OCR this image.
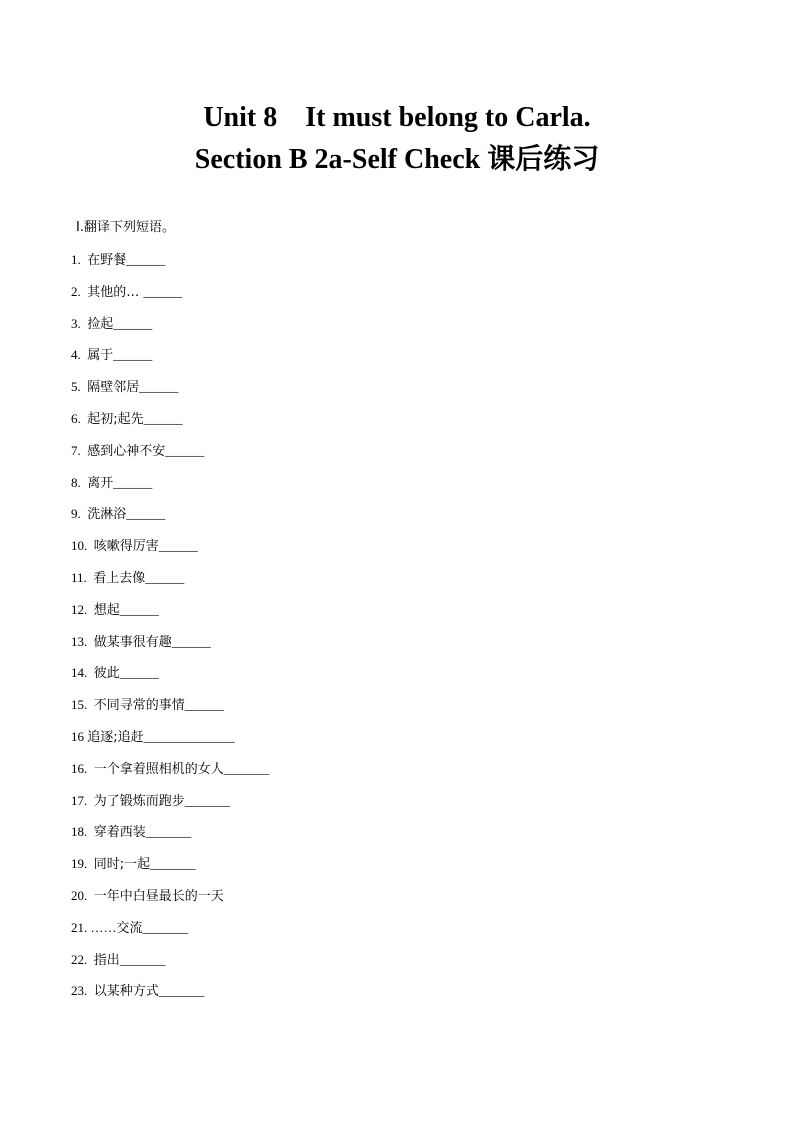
Unit 8    It must belong to Carla.
Section B 2a-Self Check 课后练习
Ⅰ.翻译下列短语。
1.  在野餐______
2.  其他的… ______
3.  捡起______
4.  属于______
5.  隔壁邻居______
6.  起初;起先______
7.  感到心神不安______
8.  离开______
9.  洗淋浴______
10.  咳嗽得厉害______
11.  看上去像______
12.  想起______
13.  做某事很有趣______
14.  彼此______
15.  不同寻常的事情______
16 追逐;追赶______________
16.  一个拿着照相机的女人_______
17.  为了锻炼而跑步_______
18.  穿着西装_______
19.  同时;一起_______
20.  一年中白昼最长的一天
21. ……交流_______
22.  指出_______
23.  以某种方式_______
